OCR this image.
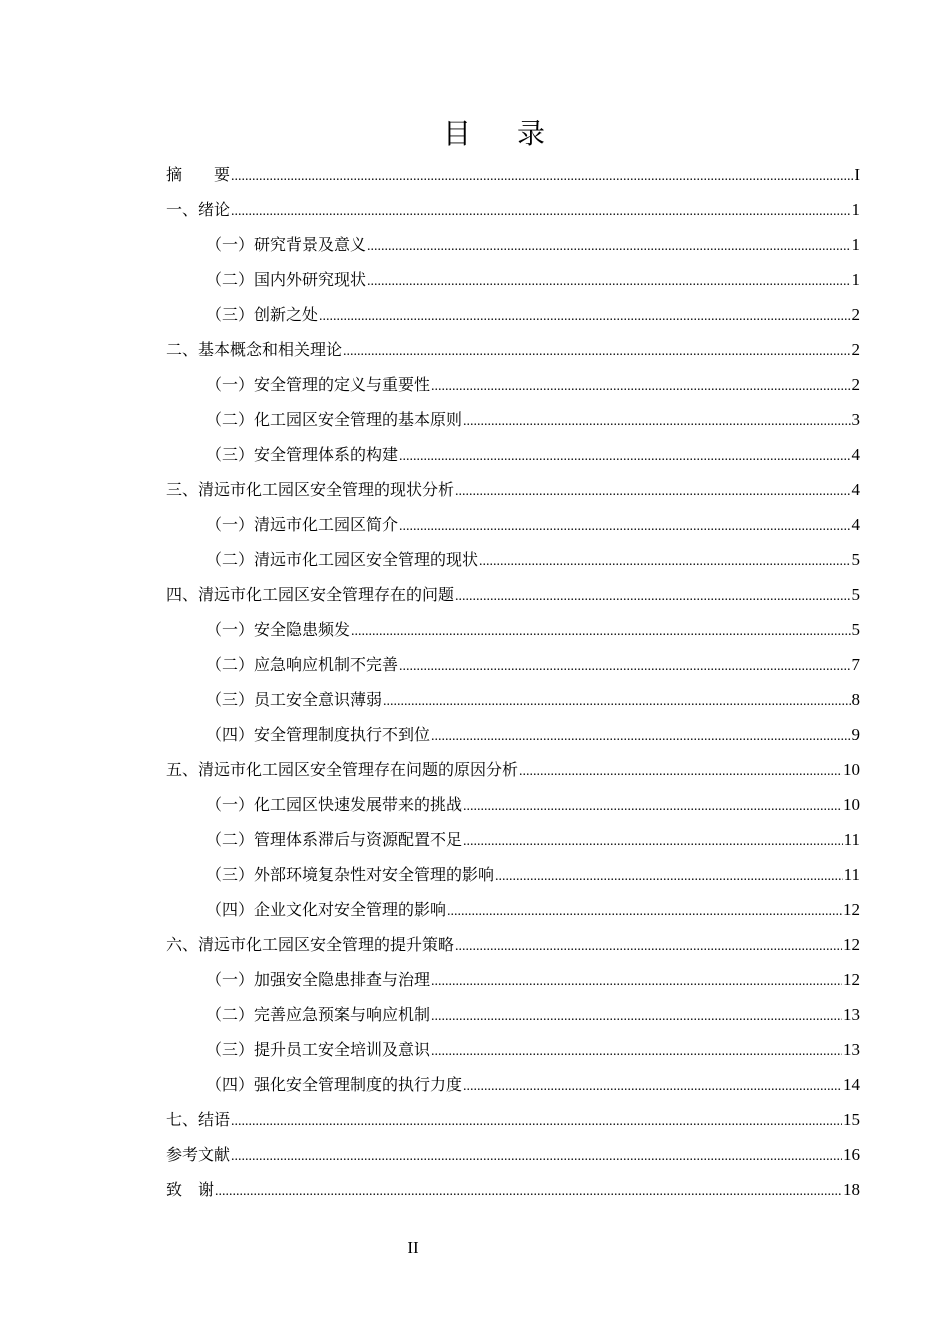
目 录
摘　　要 .....	I
一、绪论 .....	1
（一）研究背景及意义 .....	1
（二）国内外研究现状 .....	1
（三）创新之处 .....	2
二、基本概念和相关理论 .....	2
（一）安全管理的定义与重要性 .....	2
（二）化工园区安全管理的基本原则 .....	3
（三）安全管理体系的构建 .....	4
三、清远市化工园区安全管理的现状分析 .....	4
（一）清远市化工园区简介 .....	4
（二）清远市化工园区安全管理的现状 .....	5
四、清远市化工园区安全管理存在的问题 .....	5
（一）安全隐患频发 .....	5
（二）应急响应机制不完善 .....	7
（三）员工安全意识薄弱 .....	8
（四）安全管理制度执行不到位 .....	9
五、清远市化工园区安全管理存在问题的原因分析 .....	10
（一）化工园区快速发展带来的挑战 .....	10
（二）管理体系滞后与资源配置不足 .....	11
（三）外部环境复杂性对安全管理的影响 .....	11
（四）企业文化对安全管理的影响 .....	12
六、清远市化工园区安全管理的提升策略 .....	12
（一）加强安全隐患排查与治理 .....	12
（二）完善应急预案与响应机制 .....	13
（三）提升员工安全培训及意识 .....	13
（四）强化安全管理制度的执行力度 .....	14
七、结语 .....	15
参考文献 .....	16
致　谢 .....	18
II
